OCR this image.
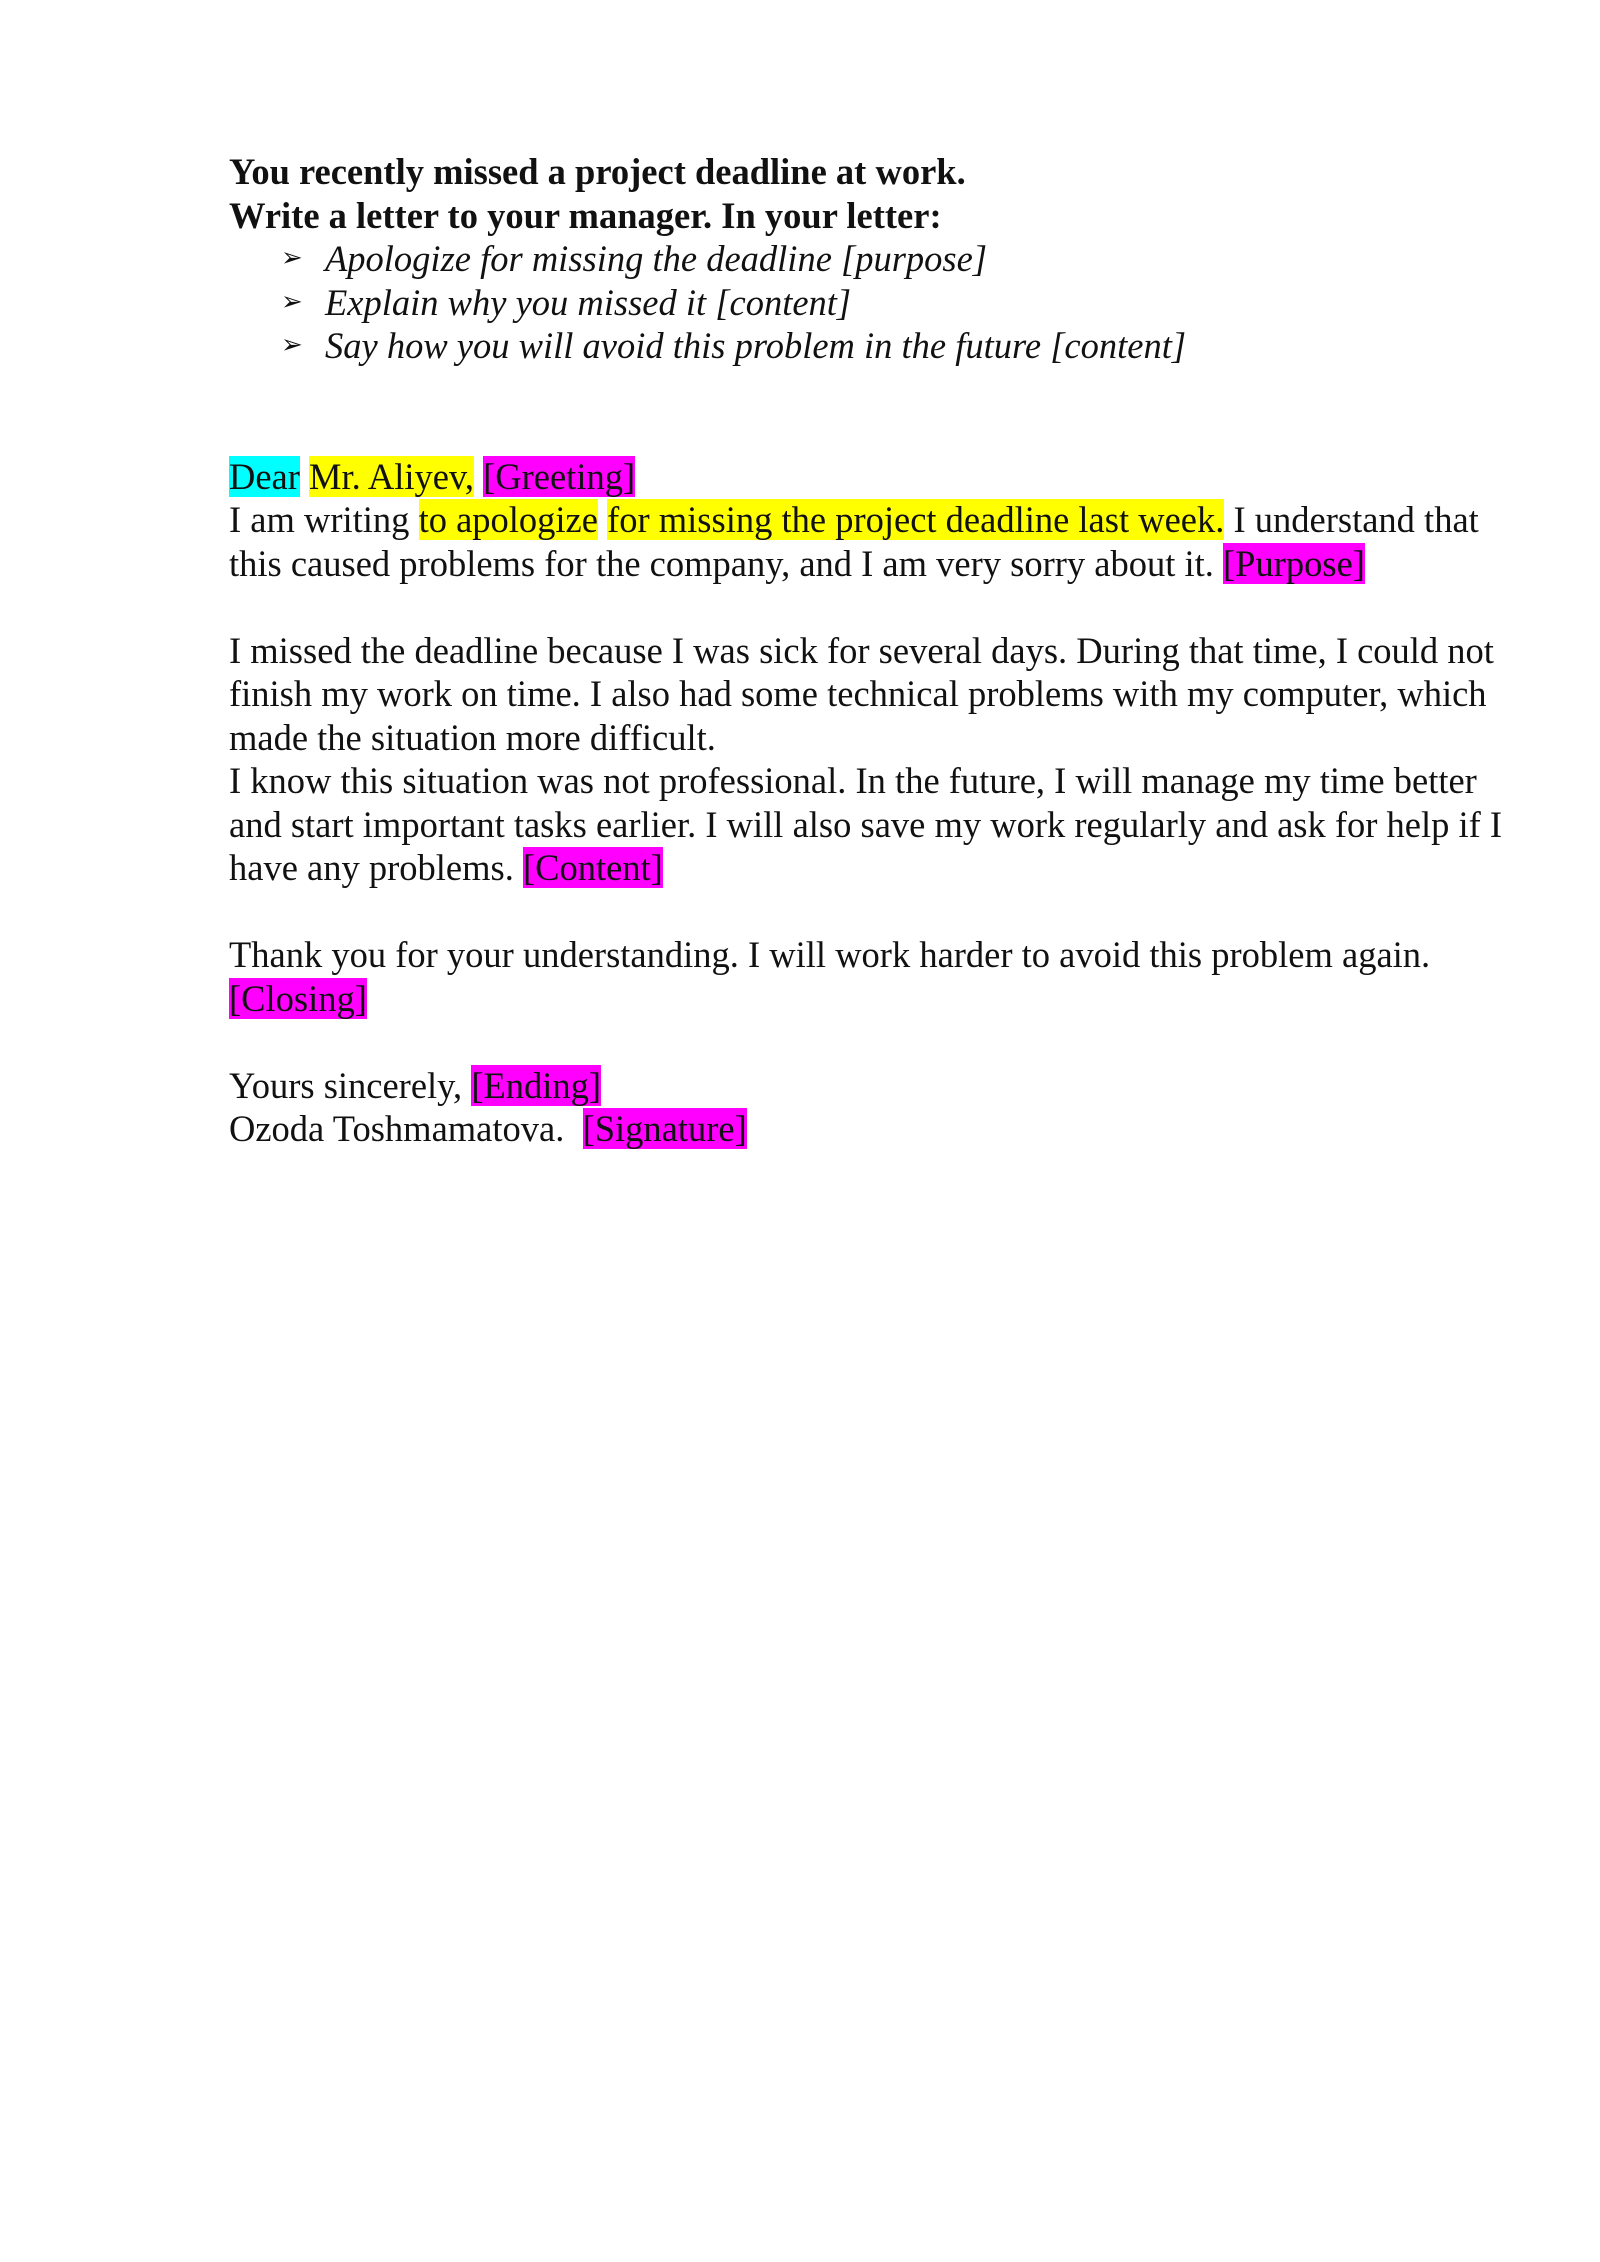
You recently missed a project deadline at work.

Write a letter to your manager. In your letter:

➢ Apologize for missing the deadline [purpose]
➢ Explain why you missed it [content]
➢ Say how you will avoid this problem in the future [content]

Dear Mr. Aliyev, [Greeting]

I am writing to apologize for missing the project deadline last week. I understand that this caused problems for the company, and I am very sorry about it. [Purpose]

I missed the deadline because I was sick for several days. During that time, I could not finish my work on time. I also had some technical problems with my computer, which made the situation more difficult.

I know this situation was not professional. In the future, I will manage my time better and start important tasks earlier. I will also save my work regularly and ask for help if I have any problems. [Content]

Thank you for your understanding. I will work harder to avoid this problem again.
[Closing]

Yours sincerely, [Ending]

Ozoda Toshmamatova. [Signature]
